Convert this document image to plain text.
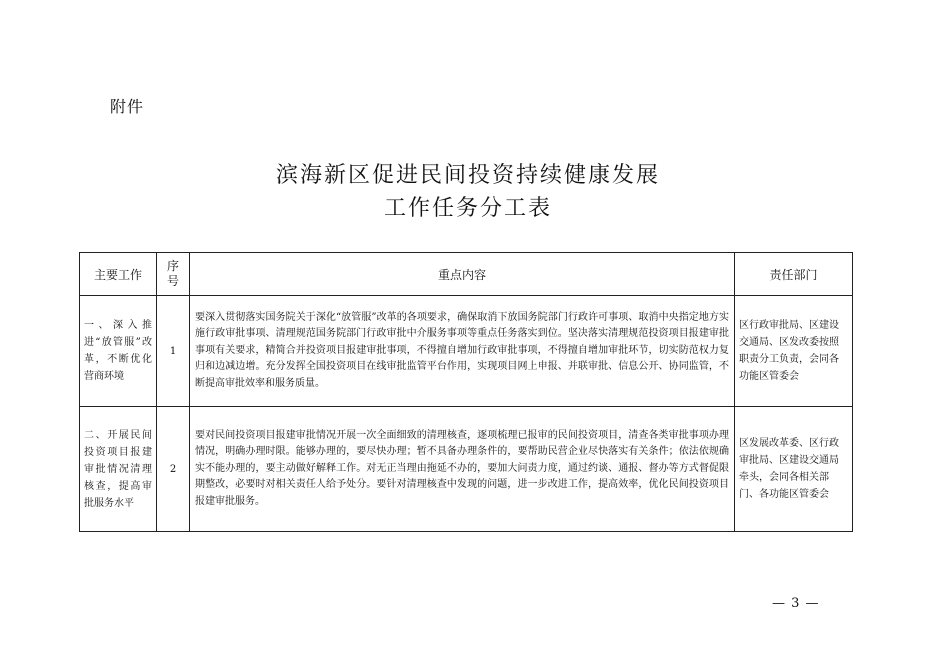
附件
滨海新区促进民间投资持续健康发展
工作任务分工表
主要工作	序号	重点内容	责任部门
一、深入推进“放管服”改革，不断优化营商环境	1	要深入贯彻落实国务院关于深化“放管服”改革的各项要求，确保取消下放国务院部门行政许可事项、取消中央指定地方实施行政审批事项、清理规范国务院部门行政审批中介服务事项等重点任务落实到位。坚决落实清理规范投资项目报建审批事项有关要求，精简合并投资项目报建审批事项，不得擅自增加行政审批事项，不得擅自增加审批环节，切实防范权力复归和边减边增。充分发挥全国投资项目在线审批监管平台作用，实现项目网上申报、并联审批、信息公开、协同监管，不断提高审批效率和服务质量。	区行政审批局、区建设交通局、区发改委按照职责分工负责，会同各功能区管委会
二、开展民间投资项目报建审批情况清理核查，提高审批服务水平	2	要对民间投资项目报建审批情况开展一次全面细致的清理核查，逐项梳理已报审的民间投资项目，清查各类审批事项办理情况，明确办理时限。能够办理的，要尽快办理；暂不具备办理条件的，要帮助民营企业尽快落实有关条件；依法依规确实不能办理的，要主动做好解释工作。对无正当理由拖延不办的，要加大问责力度，通过约谈、通报、督办等方式督促限期整改，必要时对相关责任人给予处分。要针对清理核查中发现的问题，进一步改进工作，提高效率，优化民间投资项目报建审批服务。	区发展改革委、区行政审批局、区建设交通局牵头，会同各相关部门、各功能区管委会
— 3 —
